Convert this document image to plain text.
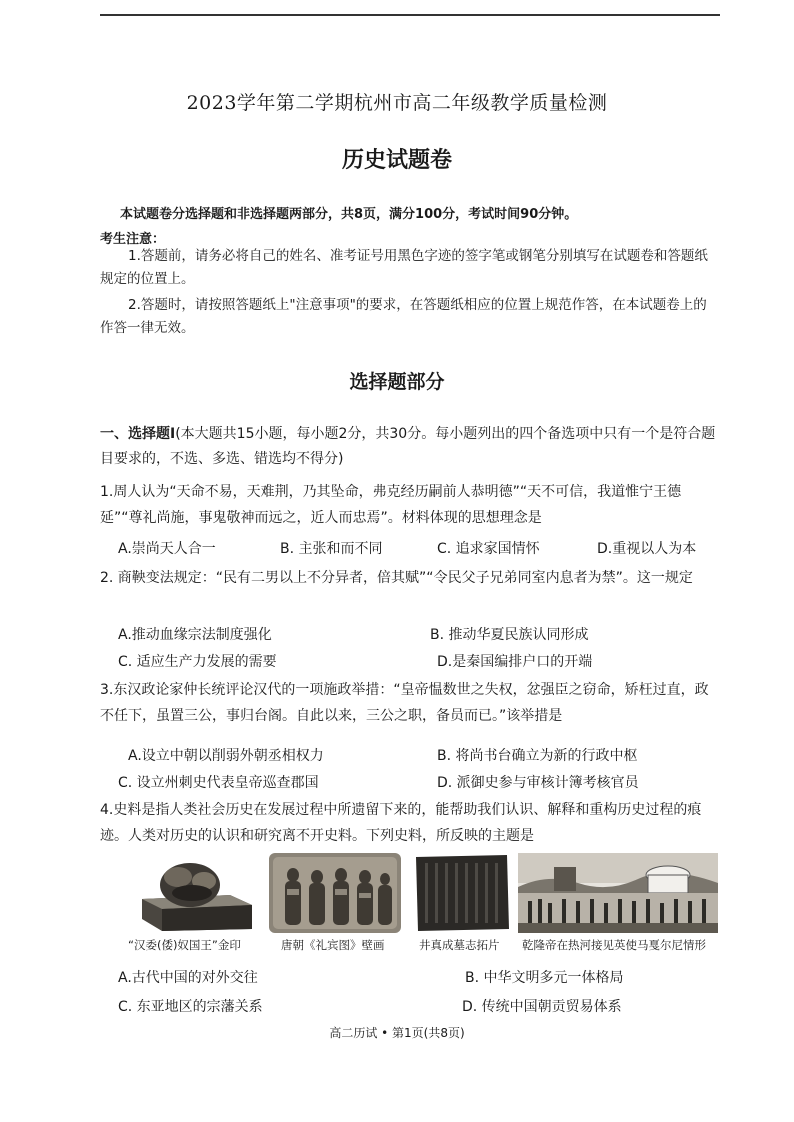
2023学年第二学期杭州市高二年级教学质量检测
历史试题卷
本试题卷分选择题和非选择题两部分，共8页，满分100分，考试时间90分钟。
考生注意：
1.答题前，请务必将自己的姓名、准考证号用黑色字迹的签字笔或钢笔分别填写在试题卷和答题纸规定的位置上。
2.答题时，请按照答题纸上"注意事项"的要求，在答题纸相应的位置上规范作答，在本试题卷上的作答一律无效。
选择题部分
一、选择题Ⅰ(本大题共15小题，每小题2分，共30分。每小题列出的四个备选项中只有一个是符合题目要求的，不选、多选、错选均不得分)
1.周人认为“天命不易，天难荆，乃其坠命，弗克经历嗣前人恭明德”“天不可信，我道惟宁王德延”“尊礼尚施，事鬼敬神而远之，近人而忠焉”。材料体现的思想理念是
A.崇尚天人合一	B. 主张和而不同	C. 追求家国情怀	D.重视以人为本
2. 商鞅变法规定：“民有二男以上不分异者，倍其赋”“令民父子兄弟同室内息者为禁”。这一规定
A.推动血缘宗法制度强化	B. 推动华夏民族认同形成
C. 适应生产力发展的需要	D.是秦国编排户口的开端
3.东汉政论家仲长统评论汉代的一项施政举措：“皇帝愠数世之失权，忿强臣之窃命，矫枉过直，政不任下，虽置三公，事归台阁。自此以来，三公之职，备员而已。”该举措是
A.设立中朝以削弱外朝丞相权力	B. 将尚书台确立为新的行政中枢
C. 设立州刺史代表皇帝巡查郡国	D. 派御史参与审核计簿考核官员
4.史料是指人类社会历史在发展过程中所遗留下来的，能帮助我们认识、解释和重构历史过程的痕迹。人类对历史的认识和研究离不开史料。下列史料，所反映的主题是
“汉委(倭)奴国王”金印	唐朝《礼宾图》壁画	井真成墓志拓片 乾隆帝在热河接见英使马戛尔尼情形
A.古代中国的对外交往	B. 中华文明多元一体格局
C. 东亚地区的宗藩关系	D. 传统中国朝贡贸易体系
高二历试 • 第1页(共8页)
